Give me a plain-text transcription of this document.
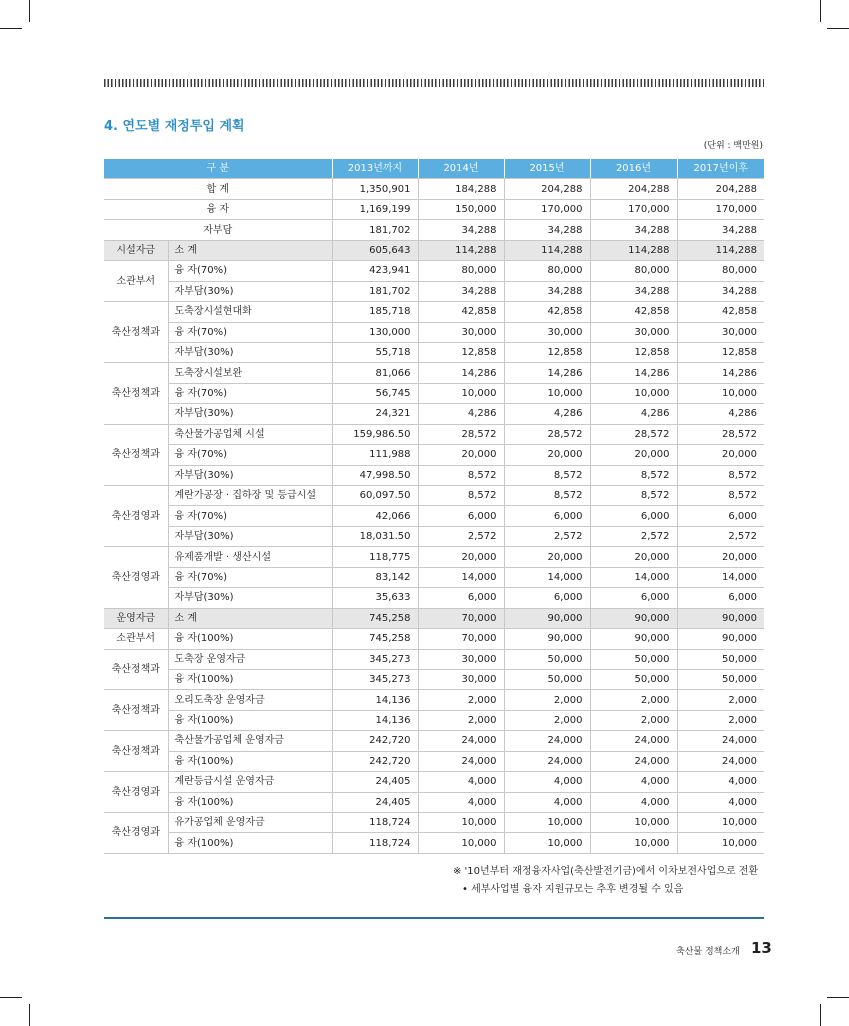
4. 연도별 재정투입 계획
(단위 : 백만원)
구 분		2013년까지	2014년	2015년	2016년	2017년이후
합 계		1,350,901	184,288	204,288	204,288	204,288
융 자		1,169,199	150,000	170,000	170,000	170,000
자부담		181,702	34,288	34,288	34,288	34,288
시설자금	소 계	605,643	114,288	114,288	114,288	114,288
소관부서	융 자(70%)	423,941	80,000	80,000	80,000	80,000
	자부담(30%)	181,702	34,288	34,288	34,288	34,288
축산정책과	도축장시설현대화	185,718	42,858	42,858	42,858	42,858
	융 자(70%)	130,000	30,000	30,000	30,000	30,000
	자부담(30%)	55,718	12,858	12,858	12,858	12,858
축산정책과	도축장시설보완	81,066	14,286	14,286	14,286	14,286
	융 자(70%)	56,745	10,000	10,000	10,000	10,000
	자부담(30%)	24,321	4,286	4,286	4,286	4,286
축산정책과	축산물가공업체 시설	159,986.50	28,572	28,572	28,572	28,572
	융 자(70%)	111,988	20,000	20,000	20,000	20,000
	자부담(30%)	47,998.50	8,572	8,572	8,572	8,572
축산경영과	계란가공장 · 집하장 및 등급시설	60,097.50	8,572	8,572	8,572	8,572
	융 자(70%)	42,066	6,000	6,000	6,000	6,000
	자부담(30%)	18,031.50	2,572	2,572	2,572	2,572
축산경영과	유제품개발 · 생산시설	118,775	20,000	20,000	20,000	20,000
	융 자(70%)	83,142	14,000	14,000	14,000	14,000
	자부담(30%)	35,633	6,000	6,000	6,000	6,000
운영자금	소 계	745,258	70,000	90,000	90,000	90,000
소관부서	융 자(100%)	745,258	70,000	90,000	90,000	90,000
축산정책과	도축장 운영자금	345,273	30,000	50,000	50,000	50,000
	융 자(100%)	345,273	30,000	50,000	50,000	50,000
축산정책과	오리도축장 운영자금	14,136	2,000	2,000	2,000	2,000
	융 자(100%)	14,136	2,000	2,000	2,000	2,000
축산정책과	축산물가공업체 운영자금	242,720	24,000	24,000	24,000	24,000
	융 자(100%)	242,720	24,000	24,000	24,000	24,000
축산경영과	계란등급시설 운영자금	24,405	4,000	4,000	4,000	4,000
	융 자(100%)	24,405	4,000	4,000	4,000	4,000
축산경영과	유가공업체 운영자금	118,724	10,000	10,000	10,000	10,000
	융 자(100%)	118,724	10,000	10,000	10,000	10,000
※ '10년부터 재정융자사업(축산발전기금)에서 이차보전사업으로 전환
• 세부사업별 융자 지원규모는 추후 변경될 수 있음
축산물 정책소개 13
